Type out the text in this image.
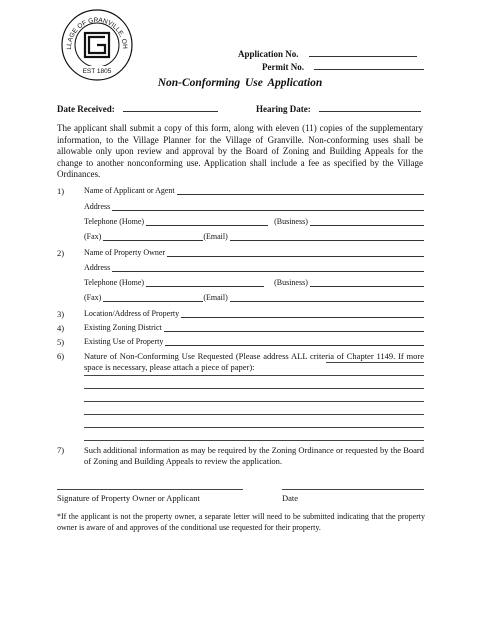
LLAGE OF GRANVILLE, OH
EST 1805
Application No.
Permit No.
Non-Conforming Use Application
Date Received:	Hearing Date:
The applicant shall submit a copy of this form, along with eleven (11) copies of the supplementary information, to the Village Planner for the Village of Granville. Non-conforming uses shall be allowable only upon review and approval by the Board of Zoning and Building Appeals for the change to another nonconforming use. Application shall include a fee as specified by the Village Ordinances.
1) Name of Applicant or Agent
Address
Telephone (Home)	(Business)
(Fax)	(Email)
2) Name of Property Owner
Address
Telephone (Home)	(Business)
(Fax)	(Email)
3) Location/Address of Property
4) Existing Zoning District
5) Existing Use of Property
6) Nature of Non-Conforming Use Requested (Please address ALL criteria of Chapter 1149. If more space is necessary, please attach a piece of paper):
7) Such additional information as may be required by the Zoning Ordinance or requested by the Board of Zoning and Building Appeals to review the application.
Signature of Property Owner or Applicant	Date
*If the applicant is not the property owner, a separate letter will need to be submitted indicating that the property owner is aware of and approves of the conditional use requested for their property.
